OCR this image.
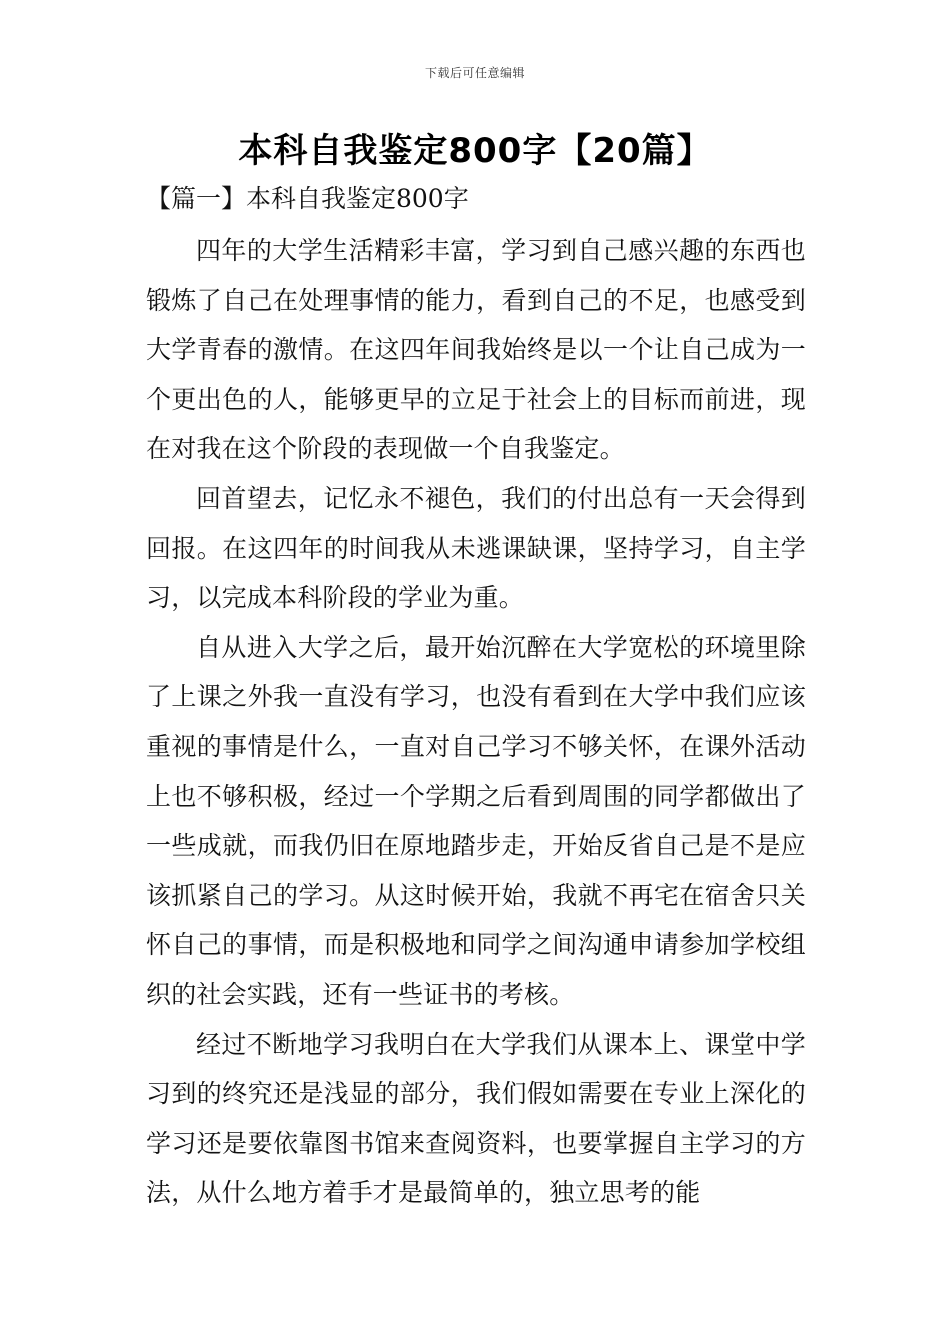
下载后可任意编辑
本科自我鉴定800字【20篇】
【篇一】本科自我鉴定800字

四年的大学生活精彩丰富，学习到自己感兴趣的东西也锻炼了自己在处理事情的能力，看到自己的不足，也感受到大学青春的激情。在这四年间我始终是以一个让自己成为一个更出色的人，能够更早的立足于社会上的目标而前进，现在对我在这个阶段的表现做一个自我鉴定。

回首望去，记忆永不褪色，我们的付出总有一天会得到回报。在这四年的时间我从未逃课缺课，坚持学习，自主学习，以完成本科阶段的学业为重。

自从进入大学之后，最开始沉醉在大学宽松的环境里除了上课之外我一直没有学习，也没有看到在大学中我们应该重视的事情是什么，一直对自己学习不够关怀，在课外活动上也不够积极，经过一个学期之后看到周围的同学都做出了一些成就，而我仍旧在原地踏步走，开始反省自己是不是应该抓紧自己的学习。从这时候开始，我就不再宅在宿舍只关怀自己的事情，而是积极地和同学之间沟通申请参加学校组织的社会实践，还有一些证书的考核。

经过不断地学习我明白在大学我们从课本上、课堂中学习到的终究还是浅显的部分，我们假如需要在专业上深化的学习还是要依靠图书馆来查阅资料，也要掌握自主学习的方法，从什么地方着手才是最简单的，独立思考的能
